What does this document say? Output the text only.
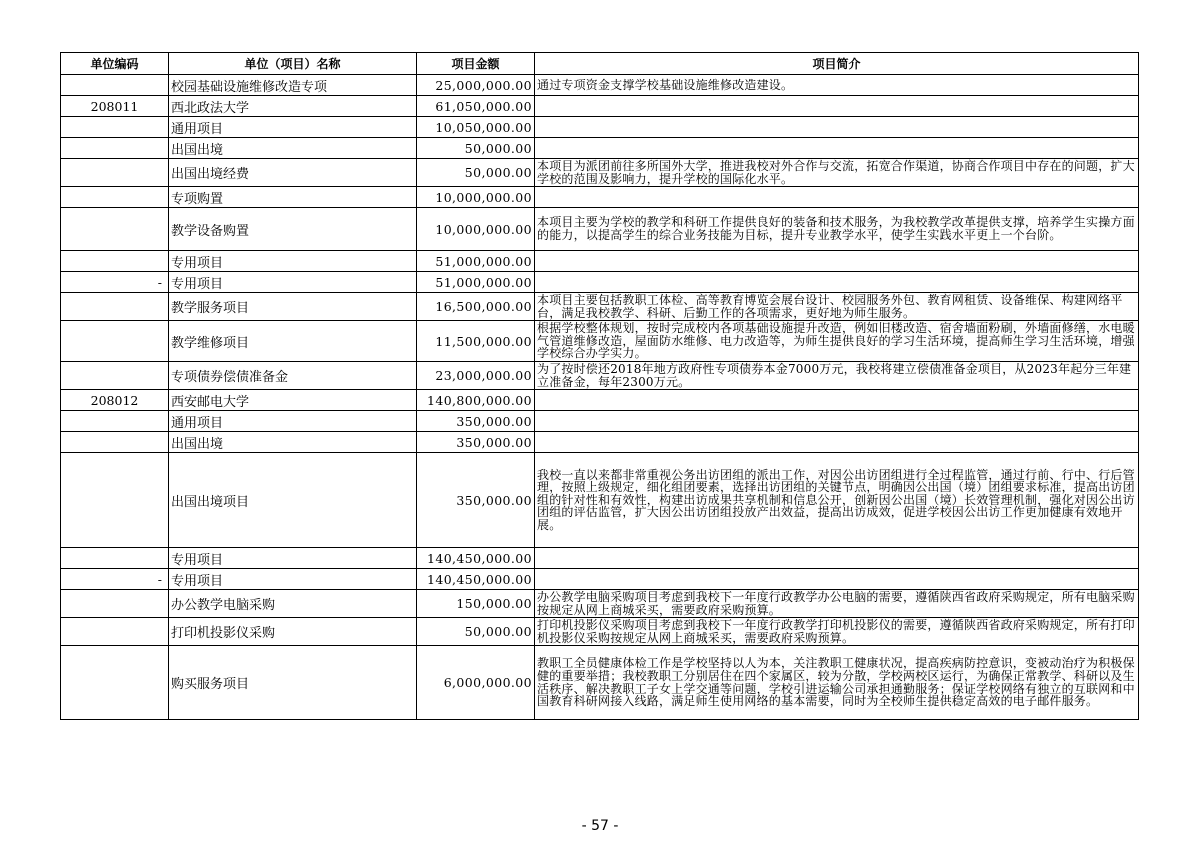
单位编码	单位（项目）名称	项目金额	项目简介
	校园基础设施维修改造专项	25,000,000.00	通过专项资金支撑学校基础设施维修改造建设。
208011	西北政法大学	61,050,000.00	
	通用项目	10,050,000.00	
	出国出境	50,000.00	
	出国出境经费	50,000.00	本项目为派团前往多所国外大学，推进我校对外合作与交流，拓宽合作渠道，协商合作项目中存在的问题，扩大学校的范围及影响力，提升学校的国际化水平。
	专项购置	10,000,000.00	
	教学设备购置	10,000,000.00	本项目主要为学校的教学和科研工作提供良好的装备和技术服务，为我校教学改革提供支撑，培养学生实操方面的能力，以提高学生的综合业务技能为目标，提升专业教学水平，使学生实践水平更上一个台阶。
	专用项目	51,000,000.00	
-	专用项目	51,000,000.00	
	教学服务项目	16,500,000.00	本项目主要包括教职工体检、高等教育博览会展台设计、校园服务外包、教育网租赁、设备维保、构建网络平台，满足我校教学、科研、后勤工作的各项需求，更好地为师生服务。
	教学维修项目	11,500,000.00	根据学校整体规划，按时完成校内各项基础设施提升改造，例如旧楼改造、宿舍墙面粉刷，外墙面修缮，水电暖气管道维修改造，屋面防水维修、电力改造等，为师生提供良好的学习生活环境，提高师生学习生活环境，增强学校综合办学实力。
	专项债券偿债准备金	23,000,000.00	为了按时偿还2018年地方政府性专项债券本金7000万元，我校将建立偿债准备金项目，从2023年起分三年建立准备金，每年2300万元。
208012	西安邮电大学	140,800,000.00	
	通用项目	350,000.00	
	出国出境	350,000.00	
	出国出境项目	350,000.00	我校一直以来都非常重视公务出访团组的派出工作，对因公出访团组进行全过程监管，通过行前、行中、行后管理，按照上级规定，细化组团要素，选择出访团组的关键节点，明确因公出国（境）团组要求标准，提高出访团组的针对性和有效性，构建出访成果共享机制和信息公开，创新因公出国（境）长效管理机制，强化对因公出访团组的评估监管，扩大因公出访团组投放产出效益，提高出访成效，促进学校因公出访工作更加健康有效地开展。
	专用项目	140,450,000.00	
-	专用项目	140,450,000.00	
	办公教学电脑采购	150,000.00	办公教学电脑采购项目考虑到我校下一年度行政教学办公电脑的需要，遵循陕西省政府采购规定，所有电脑采购按规定从网上商城采买，需要政府采购预算。
	打印机投影仪采购	50,000.00	打印机投影仪采购项目考虑到我校下一年度行政教学打印机投影仪的需要，遵循陕西省政府采购规定，所有打印机投影仪采购按规定从网上商城采买，需要政府采购预算。
	购买服务项目	6,000,000.00	教职工全员健康体检工作是学校坚持以人为本，关注教职工健康状况，提高疾病防控意识，变被动治疗为积极保健的重要举措；我校教职工分别居住在四个家属区，较为分散，学校两校区运行，为确保正常教学、科研以及生活秩序、解决教职工子女上学交通等问题，学校引进运输公司承担通勤服务；保证学校网络有独立的互联网和中国教育科研网接入线路，满足师生使用网络的基本需要，同时为全校师生提供稳定高效的电子邮件服务。
- 57 -
